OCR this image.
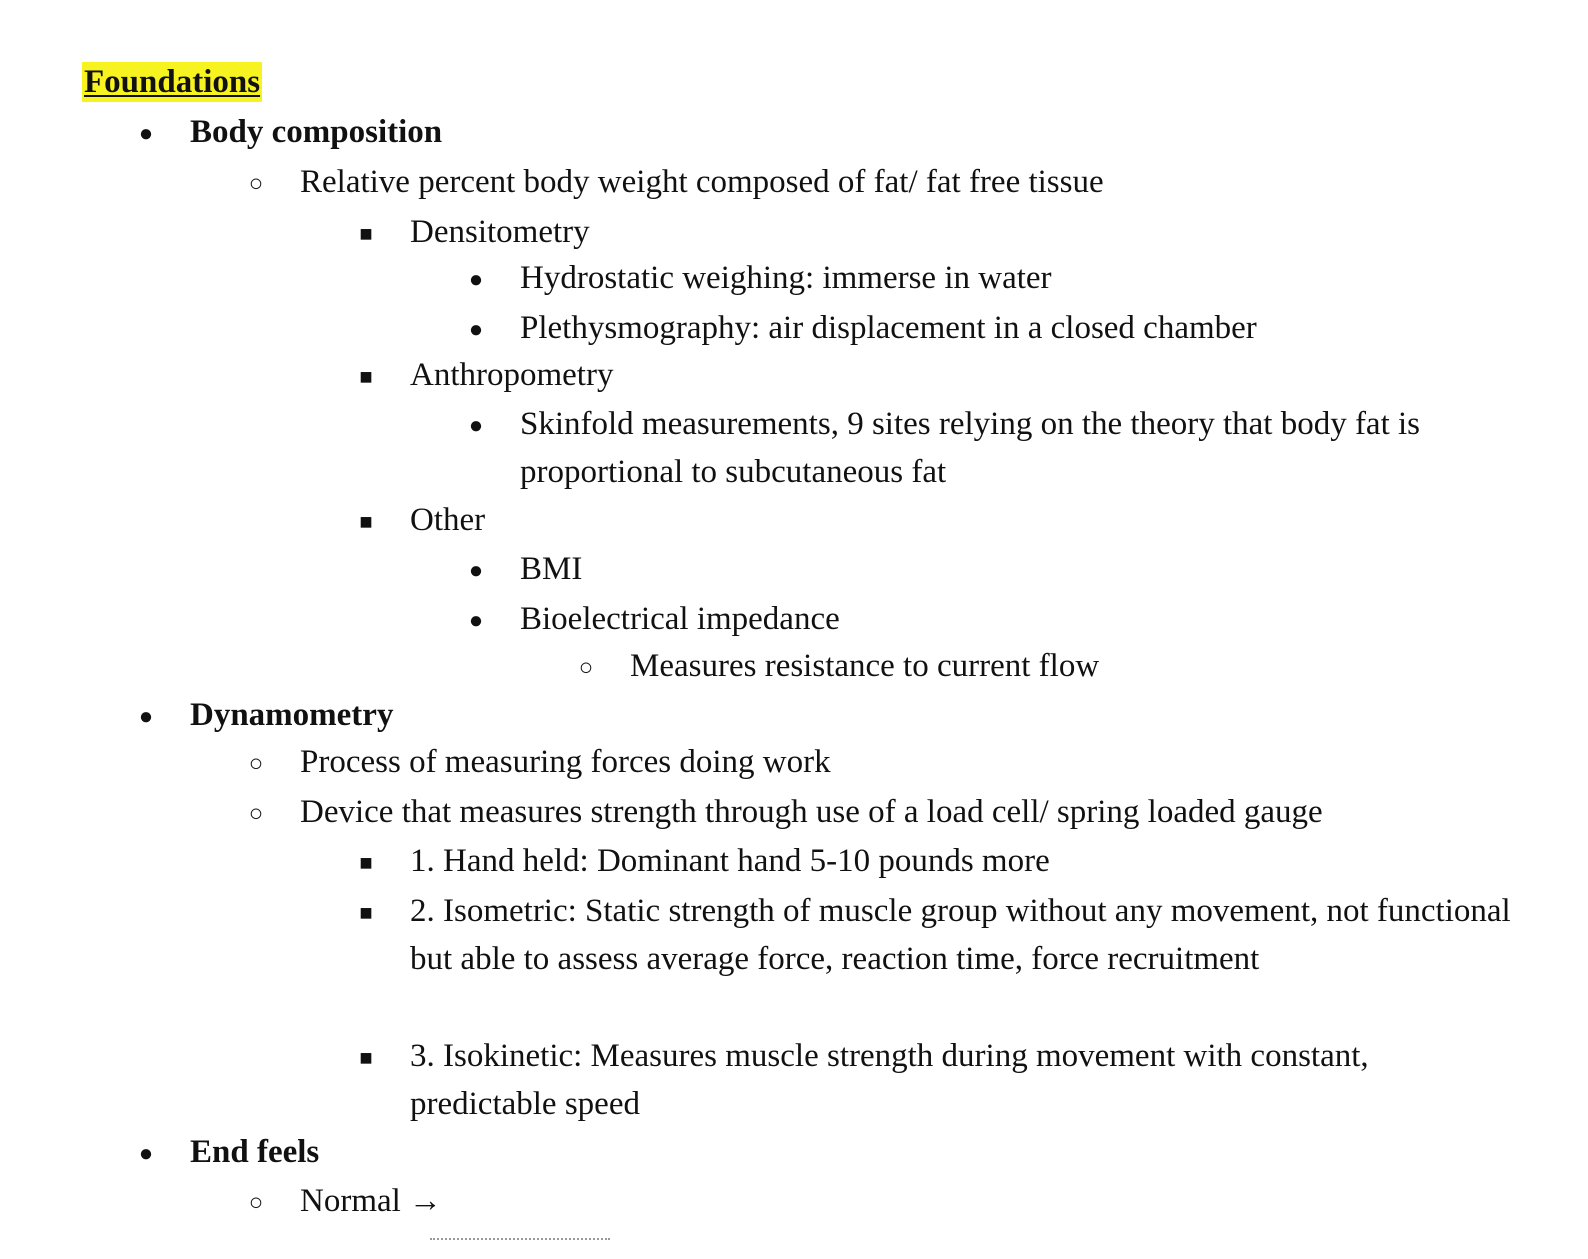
Foundations
●
Body composition
○
Relative percent body weight composed of fat/ fat free tissue
■
Densitometry
●
Hydrostatic weighing: immerse in water
●
Plethysmography: air displacement in a closed chamber
■
Anthropometry
●
Skinfold measurements, 9 sites relying on the theory that body fat is proportional to subcutaneous fat
■
Other
●
BMI
●
Bioelectrical impedance
○
Measures resistance to current flow
●
Dynamometry
○
Process of measuring forces doing work
○
Device that measures strength through use of a load cell/ spring loaded gauge
■
1. Hand held: Dominant hand 5-10 pounds more
■
2. Isometric: Static strength of muscle group without any movement, not functional but able to assess average force, reaction time, force recruitment
■
3. Isokinetic: Measures muscle strength during movement with constant, predictable speed
●
End feels
○
Normal →
